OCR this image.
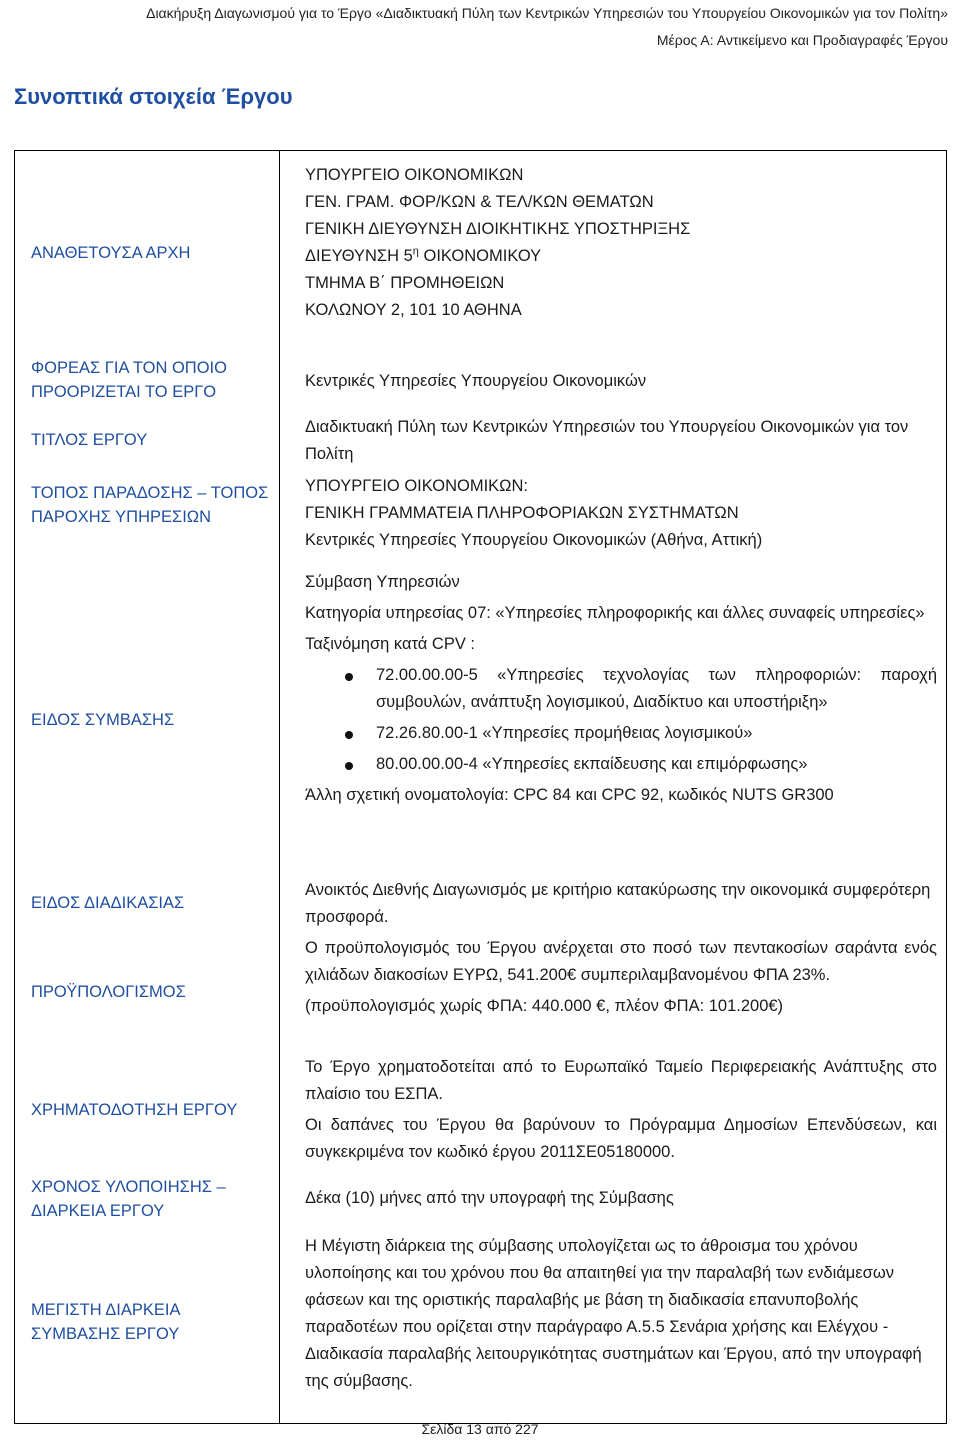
Διακήρυξη Διαγωνισμού για το Έργο «Διαδικτυακή Πύλη των Κεντρικών Υπηρεσιών του Υπουργείου Οικονομικών για τον Πολίτη»
Μέρος Α: Αντικείμενο και Προδιαγραφές Έργου
Συνοπτικά στοιχεία Έργου
ΑΝΑΘΕΤΟΥΣΑ ΑΡΧΗ
ΦΟΡΕΑΣ ΓΙΑ ΤΟΝ ΟΠΟΙΟ ΠΡΟΟΡΙΖΕΤΑΙ ΤΟ ΕΡΓΟ
ΤΙΤΛΟΣ ΕΡΓΟΥ
ΤΟΠΟΣ ΠΑΡΑΔΟΣΗΣ – ΤΟΠΟΣ ΠΑΡΟΧΗΣ ΥΠΗΡΕΣΙΩΝ
ΕΙΔΟΣ ΣΥΜΒΑΣΗΣ
ΕΙΔΟΣ ΔΙΑΔΙΚΑΣΙΑΣ
ΠΡΟΫΠΟΛΟΓΙΣΜΟΣ
ΧΡΗΜΑΤΟΔΟΤΗΣΗ ΕΡΓΟΥ
ΧΡΟΝΟΣ ΥΛΟΠΟΙΗΣΗΣ – ΔΙΑΡΚΕΙΑ ΕΡΓΟΥ
ΜΕΓΙΣΤΗ ΔΙΑΡΚΕΙΑ ΣΥΜΒΑΣΗΣ ΕΡΓΟΥ
ΥΠΟΥΡΓΕΙΟ ΟΙΚΟΝΟΜΙΚΩΝ
ΓΕΝ. ΓΡΑΜ. ΦΟΡ/ΚΩΝ & ΤΕΛ/ΚΩΝ ΘΕΜΑΤΩΝ
ΓΕΝΙΚΗ ΔΙΕΥΘΥΝΣΗ ΔΙΟΙΚΗΤΙΚΗΣ ΥΠΟΣΤΗΡΙΞΗΣ
ΔΙΕΥΘΥΝΣΗ $5^\eta$ ΟΙΚΟΝΟΜΙΚΟΥ
ΤΜΗΜΑ Β΄ ΠΡΟΜΗΘΕΙΩΝ
ΚΟΛΩΝΟΥ 2, 101 10 ΑΘΗΝΑ
Κεντρικές Υπηρεσίες Υπουργείου Οικονομικών
Διαδικτυακή Πύλη των Κεντρικών Υπηρεσιών του Υπουργείου Οικονομικών για τον Πολίτη
ΥΠΟΥΡΓΕΙΟ ΟΙΚΟΝΟΜΙΚΩΝ:
ΓΕΝΙΚΗ ΓΡΑΜΜΑΤΕΙΑ ΠΛΗΡΟΦΟΡΙΑΚΩΝ ΣΥΣΤΗΜΑΤΩΝ
Κεντρικές Υπηρεσίες Υπουργείου Οικονομικών (Αθήνα, Αττική)

Σύμβαση Υπηρεσιών

Κατηγορία υπηρεσίας 07: «Υπηρεσίες πληροφορικής και άλλες συναφείς υπηρεσίες»

Ταξινόμηση κατά CPV :

72.00.00.00-5 «Υπηρεσίες τεχνολογίας των πληροφοριών: παροχή συμβουλών, ανάπτυξη λογισμικού, Διαδίκτυο και υποστήριξη»
72.26.80.00-1 «Υπηρεσίες προμήθειας λογισμικού»
80.00.00.00-4 «Υπηρεσίες εκπαίδευσης και επιμόρφωσης»

Άλλη σχετική ονοματολογία: CPC 84 και CPC 92, κωδικός NUTS GR300

Ανοικτός Διεθνής Διαγωνισμός με κριτήριο κατακύρωσης την οικονομικά συμφερότερη προσφορά.

Ο προϋπολογισμός του Έργου ανέρχεται στο ποσό των πεντακοσίων σαράντα ενός χιλιάδων διακοσίων ΕΥΡΩ, 541.200€ συμπεριλαμβανομένου ΦΠΑ 23%.

(προϋπολογισμός χωρίς ΦΠΑ: 440.000 €, πλέον ΦΠΑ: 101.200€)

Το Έργο χρηματοδοτείται από το Ευρωπαϊκό Ταμείο Περιφερειακής Ανάπτυξης στο πλαίσιο του ΕΣΠΑ.

Οι δαπάνες του Έργου θα βαρύνουν το Πρόγραμμα Δημοσίων Επενδύσεων, και συγκεκριμένα τον κωδικό έργου 2011ΣΕ05180000.

Δέκα (10) μήνες από την υπογραφή της Σύμβασης
Η Μέγιστη διάρκεια της σύμβασης υπολογίζεται ως το άθροισμα του χρόνου υλοποίησης και του χρόνου που θα απαιτηθεί για την παραλαβή των ενδιάμεσων φάσεων και της οριστικής παραλαβής με βάση τη διαδικασία επανυποβολής παραδοτέων που ορίζεται στην παράγραφο Α.5.5 Σενάρια χρήσης και Ελέγχου - Διαδικασία παραλαβής λειτουργικότητας συστημάτων και Έργου, από την υπογραφή της σύμβασης.
Σελίδα 13 από 227
